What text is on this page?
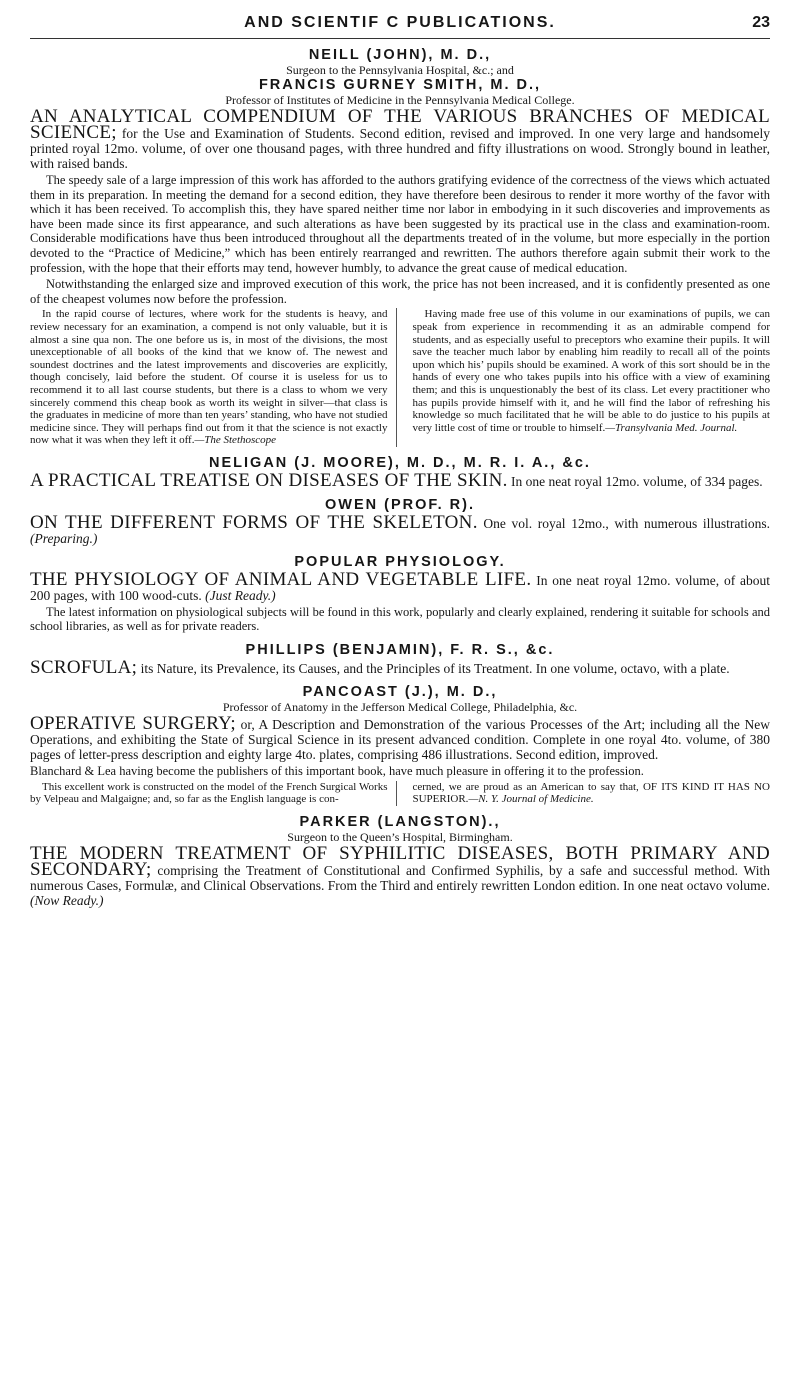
AND SCIENTIF C PUBLICATIONS.	23

NEILL (JOHN), M. D.,

Surgeon to the Pennsylvania Hospital, &c.; and

FRANCIS GURNEY SMITH, M. D.,

Professor of Institutes of Medicine in the Pennsylvania Medical College.

AN ANALYTICAL COMPENDIUM OF THE VARIOUS BRANCHES OF MEDICAL SCIENCE; for the Use and Examination of Students. Second edition, revised and improved. In one very large and handsomely printed royal 12mo. volume, of over one thousand pages, with three hundred and fifty illustrations on wood. Strongly bound in leather, with raised bands.

The speedy sale of a large impression of this work has afforded to the authors gratifying evidence of the correctness of the views which actuated them in its preparation. In meeting the demand for a second edition, they have therefore been desirous to render it more worthy of the favor with which it has been received. To accomplish this, they have spared neither time nor labor in embodying in it such discoveries and improvements as have been made since its first appearance, and such alterations as have been suggested by its practical use in the class and examination-room. Considerable modifications have thus been introduced throughout all the departments treated of in the volume, but more especially in the portion devoted to the “Practice of Medicine,” which has been entirely rearranged and rewritten. The authors therefore again submit their work to the profession, with the hope that their efforts may tend, however humbly, to advance the great cause of medical education.

Notwithstanding the enlarged size and improved execution of this work, the price has not been increased, and it is confidently presented as one of the cheapest volumes now before the profession.

In the rapid course of lectures, where work for the students is heavy, and review necessary for an examination, a compend is not only valuable, but it is almost a sine qua non. The one before us is, in most of the divisions, the most unexceptionable of all books of the kind that we know of. The newest and soundest doctrines and the latest improvements and discoveries are explicitly, though concisely, laid before the student. Of course it is useless for us to recommend it to all last course students, but there is a class to whom we very sincerely commend this cheap book as worth its weight in silver—that class is the graduates in medicine of more than ten years’ standing, who have not studied medicine since. They will perhaps find out from it that the science is not exactly now what it was when they left it off.—The Stethoscope
Having made free use of this volume in our examinations of pupils, we can speak from experience in recommending it as an admirable compend for students, and as especially useful to preceptors who examine their pupils. It will save the teacher much labor by enabling him readily to recall all of the points upon which his’ pupils should be examined. A work of this sort should be in the hands of every one who takes pupils into his office with a view of examining them; and this is unquestionably the best of its class. Let every practitioner who has pupils provide himself with it, and he will find the labor of refreshing his knowledge so much facilitated that he will be able to do justice to his pupils at very little cost of time or trouble to himself.—Transylvania Med. Journal.

NELIGAN (J. MOORE), M. D., M. R. I. A., &c.

A PRACTICAL TREATISE ON DISEASES OF THE SKIN. In one neat royal 12mo. volume, of 334 pages.

OWEN (PROF. R).

ON THE DIFFERENT FORMS OF THE SKELETON. One vol. royal 12mo., with numerous illustrations. (Preparing.)

POPULAR PHYSIOLOGY.

THE PHYSIOLOGY OF ANIMAL AND VEGETABLE LIFE. In one neat royal 12mo. volume, of about 200 pages, with 100 wood-cuts. (Just Ready.)

The latest information on physiological subjects will be found in this work, popularly and clearly explained, rendering it suitable for schools and school libraries, as well as for private readers.

PHILLIPS (BENJAMIN), F. R. S., &c.

SCROFULA; its Nature, its Prevalence, its Causes, and the Principles of its Treatment. In one volume, octavo, with a plate.

PANCOAST (J.), M. D.,

Professor of Anatomy in the Jefferson Medical College, Philadelphia, &c.

OPERATIVE SURGERY; or, A Description and Demonstration of the various Processes of the Art; including all the New Operations, and exhibiting the State of Surgical Science in its present advanced condition. Complete in one royal 4to. volume, of 380 pages of letter-press description and eighty large 4to. plates, comprising 486 illustrations. Second edition, improved.

Blanchard & Lea having become the publishers of this important book, have much pleasure in offering it to the profession.

This excellent work is constructed on the model of the French Surgical Works by Velpeau and Malgaigne; and, so far as the English language is con-
cerned, we are proud as an American to say that, OF ITS KIND IT HAS NO SUPERIOR.—N. Y. Journal of Medicine.

PARKER (LANGSTON).,

Surgeon to the Queen’s Hospital, Birmingham.

THE MODERN TREATMENT OF SYPHILITIC DISEASES, BOTH PRIMARY AND SECONDARY; comprising the Treatment of Constitutional and Confirmed Syphilis, by a safe and successful method. With numerous Cases, Formulæ, and Clinical Observations. From the Third and entirely rewritten London edition. In one neat octavo volume. (Now Ready.)
